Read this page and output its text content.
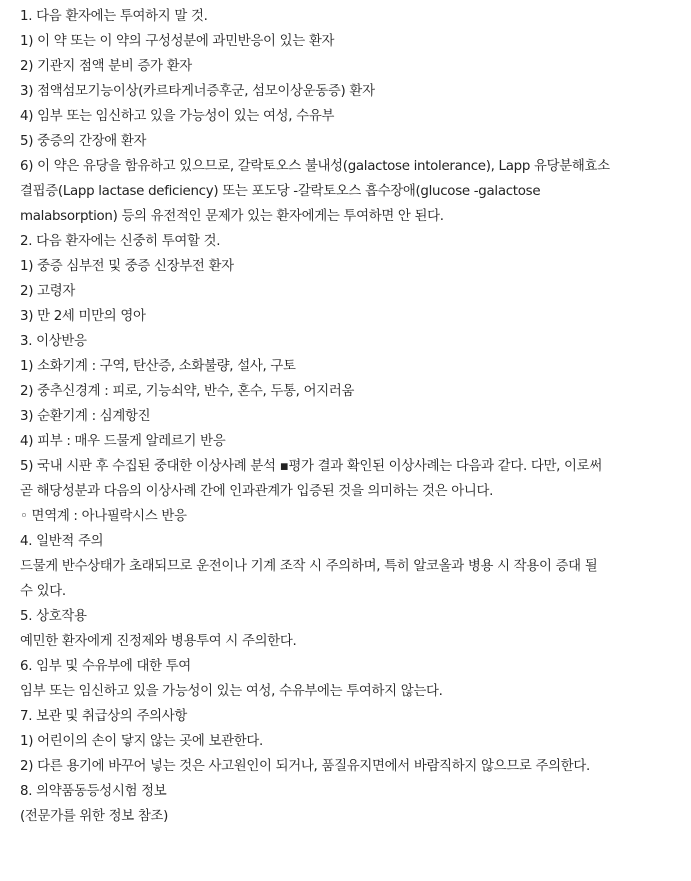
1. 다음 환자에는 투여하지 말 것.

1) 이 약 또는 이 약의 구성성분에 과민반응이 있는 환자

2) 기관지 점액 분비 증가 환자

3) 점액섬모기능이상(카르타게너증후군, 섬모이상운동증) 환자

4) 임부 또는 임신하고 있을 가능성이 있는 여성, 수유부

5) 중증의 간장애 환자

6) 이 약은 유당을 함유하고 있으므로, 갈락토오스 불내성(galactose intolerance), Lapp 유당분해효소

결핍증(Lapp lactase deficiency) 또는 포도당 -갈락토오스 흡수장애(glucose -galactose

malabsorption) 등의 유전적인 문제가 있는 환자에게는 투여하면 안 된다.

2. 다음 환자에는 신중히 투여할 것.

1) 중증 심부전 및 중증 신장부전 환자

2) 고령자

3) 만 2세 미만의 영아

3. 이상반응

1) 소화기계 : 구역, 탄산증, 소화불량, 설사, 구토

2) 중추신경계 : 피로, 기능쇠약, 반수, 혼수, 두통, 어지러움

3) 순환기계 : 심계항진

4) 피부 : 매우 드물게 알레르기 반응

5) 국내 시판 후 수집된 중대한 이상사례 분석 ▪평가 결과 확인된 이상사례는 다음과 같다. 다만, 이로써

곧 해당성분과 다음의 이상사례 간에 인과관계가 입증된 것을 의미하는 것은 아니다.

◦ 면역계 : 아나필락시스 반응

4. 일반적 주의

드물게 반수상태가 초래되므로 운전이나 기계 조작 시 주의하며, 특히 알코올과 병용 시 작용이 증대 될

수 있다.

5. 상호작용

예민한 환자에게 진정제와 병용투여 시 주의한다.

6. 임부 및 수유부에 대한 투여

임부 또는 임신하고 있을 가능성이 있는 여성, 수유부에는 투여하지 않는다.

7. 보관 및 취급상의 주의사항

1) 어린이의 손이 닿지 않는 곳에 보관한다.

2) 다른 용기에 바꾸어 넣는 것은 사고원인이 되거나, 품질유지면에서 바람직하지 않으므로 주의한다.

8. 의약품동등성시험 정보

(전문가를 위한 정보 참조)
